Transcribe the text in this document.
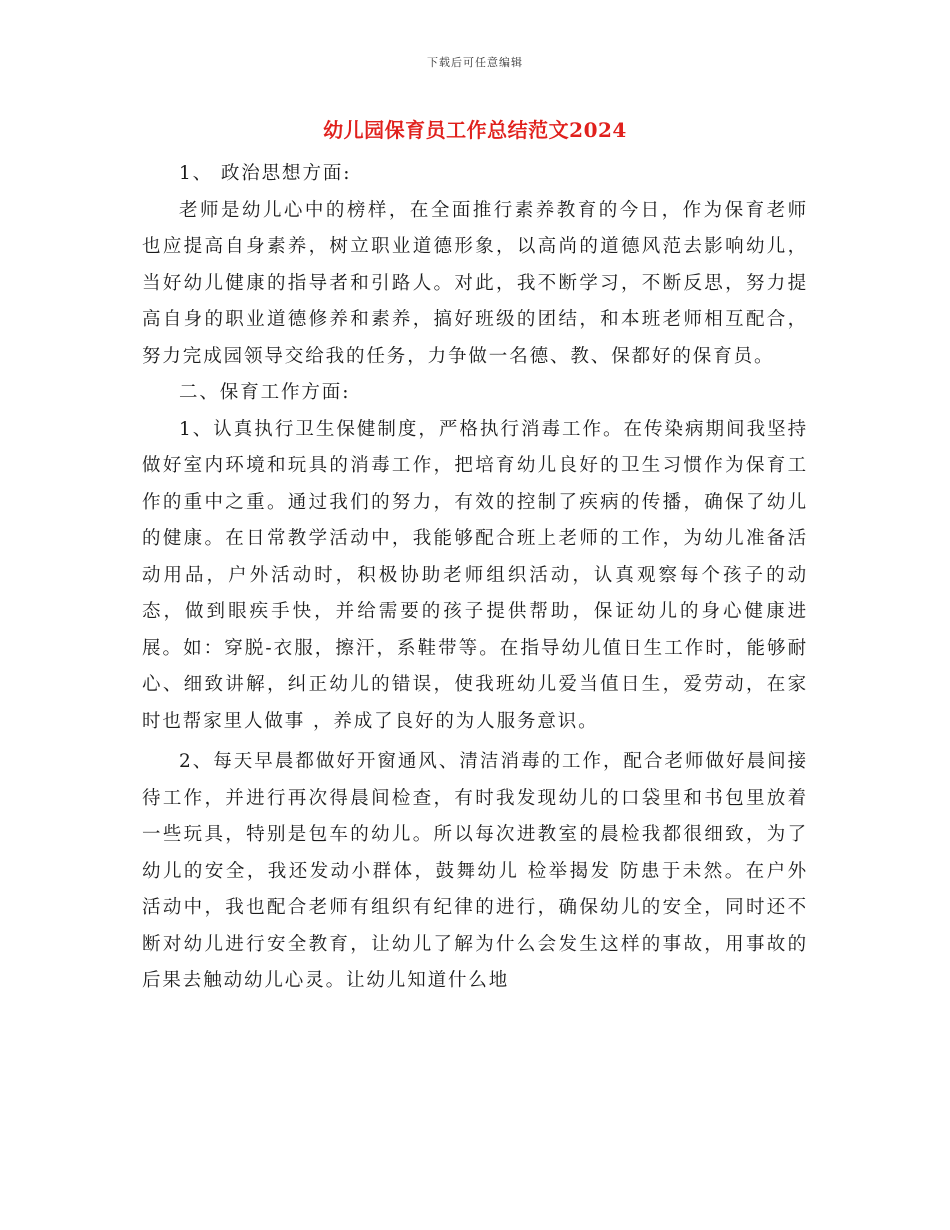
下载后可任意编辑
幼儿园保育员工作总结范文2024

1、 政治思想方面:

老师是幼儿心中的榜样，在全面推行素养教育的今日，作为保育老师也应提高自身素养，树立职业道德形象，以高尚的道德风范去影响幼儿，当好幼儿健康的指导者和引路人。对此，我不断学习，不断反思，努力提高自身的职业道德修养和素养，搞好班级的团结，和本班老师相互配合，努力完成园领导交给我的任务，力争做一名德、教、保都好的保育员。

二、保育工作方面:

1、认真执行卫生保健制度，严格执行消毒工作。在传染病期间我坚持做好室内环境和玩具的消毒工作，把培育幼儿良好的卫生习惯作为保育工作的重中之重。通过我们的努力，有效的控制了疾病的传播，确保了幼儿的健康。在日常教学活动中，我能够配合班上老师的工作，为幼儿准备活动用品，户外活动时，积极协助老师组织活动，认真观察每个孩子的动态，做到眼疾手快，并给需要的孩子提供帮助，保证幼儿的身心健康进展。如：穿脱-衣服，擦汗，系鞋带等。在指导幼儿值日生工作时，能够耐心、细致讲解，纠正幼儿的错误，使我班幼儿爱当值日生，爱劳动，在家时也帮家里人做事 ，养成了良好的为人服务意识。

2、每天早晨都做好开窗通风、清洁消毒的工作，配合老师做好晨间接待工作，并进行再次得晨间检查，有时我发现幼儿的口袋里和书包里放着一些玩具，特别是包车的幼儿。所以每次进教室的晨检我都很细致，为了幼儿的安全，我还发动小群体，鼓舞幼儿 检举揭发 防患于未然。在户外活动中，我也配合老师有组织有纪律的进行，确保幼儿的安全，同时还不断对幼儿进行安全教育，让幼儿了解为什么会发生这样的事故，用事故的后果去触动幼儿心灵。让幼儿知道什么地
